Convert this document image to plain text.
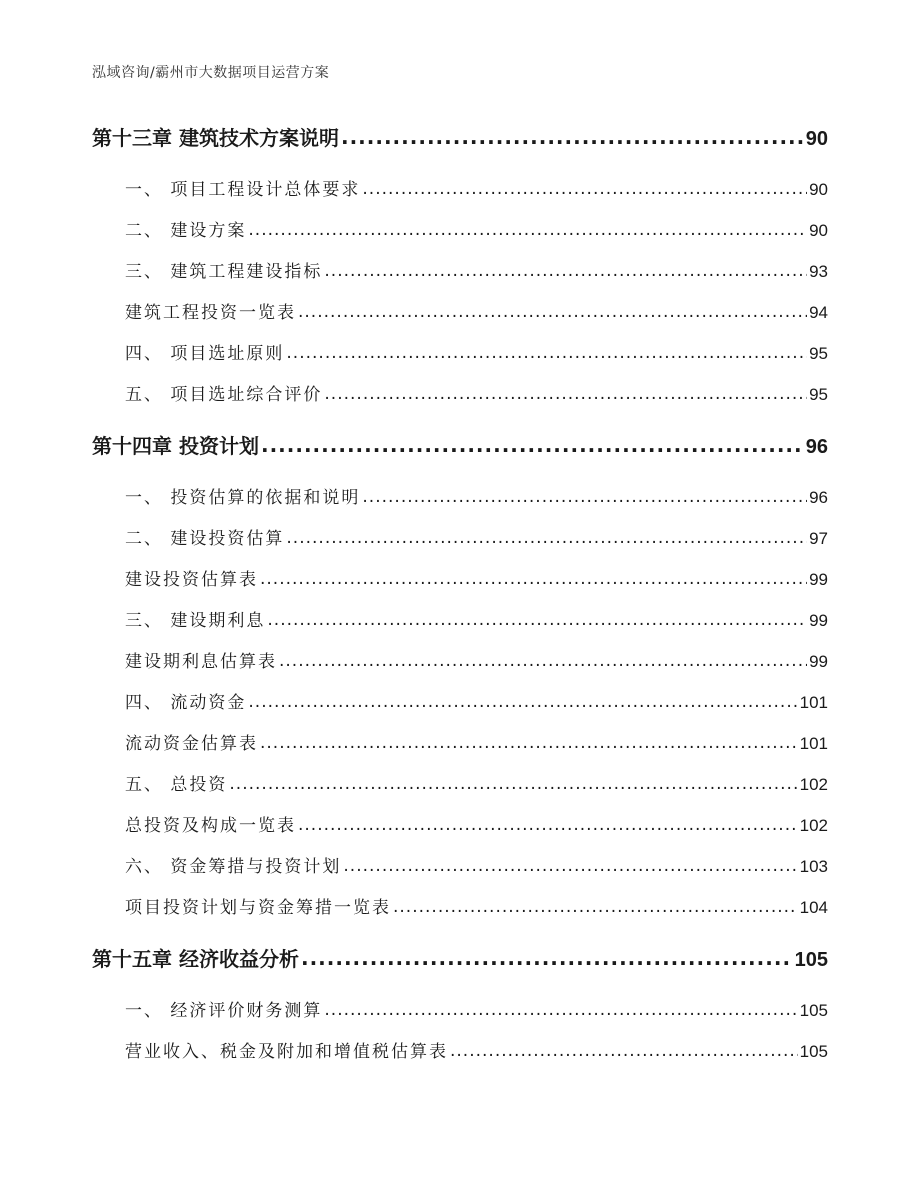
泓域咨询/霸州市大数据项目运营方案
第十三章 建筑技术方案说明 .....	90
一、 项目工程设计总体要求 .....	90
二、 建设方案 .....	90
三、 建筑工程建设指标 .....	93
建筑工程投资一览表 .....	94
四、 项目选址原则 .....	95
五、 项目选址综合评价 .....	95
第十四章 投资计划 .....	96
一、 投资估算的依据和说明 .....	96
二、 建设投资估算 .....	97
建设投资估算表 .....	99
三、 建设期利息 .....	99
建设期利息估算表 .....	99
四、 流动资金 .....	101
流动资金估算表 .....	101
五、 总投资 .....	102
总投资及构成一览表 .....	102
六、 资金筹措与投资计划 .....	103
项目投资计划与资金筹措一览表 .....	104
第十五章 经济收益分析 .....	105
一、 经济评价财务测算 .....	105
营业收入、税金及附加和增值税估算表 .....	105
